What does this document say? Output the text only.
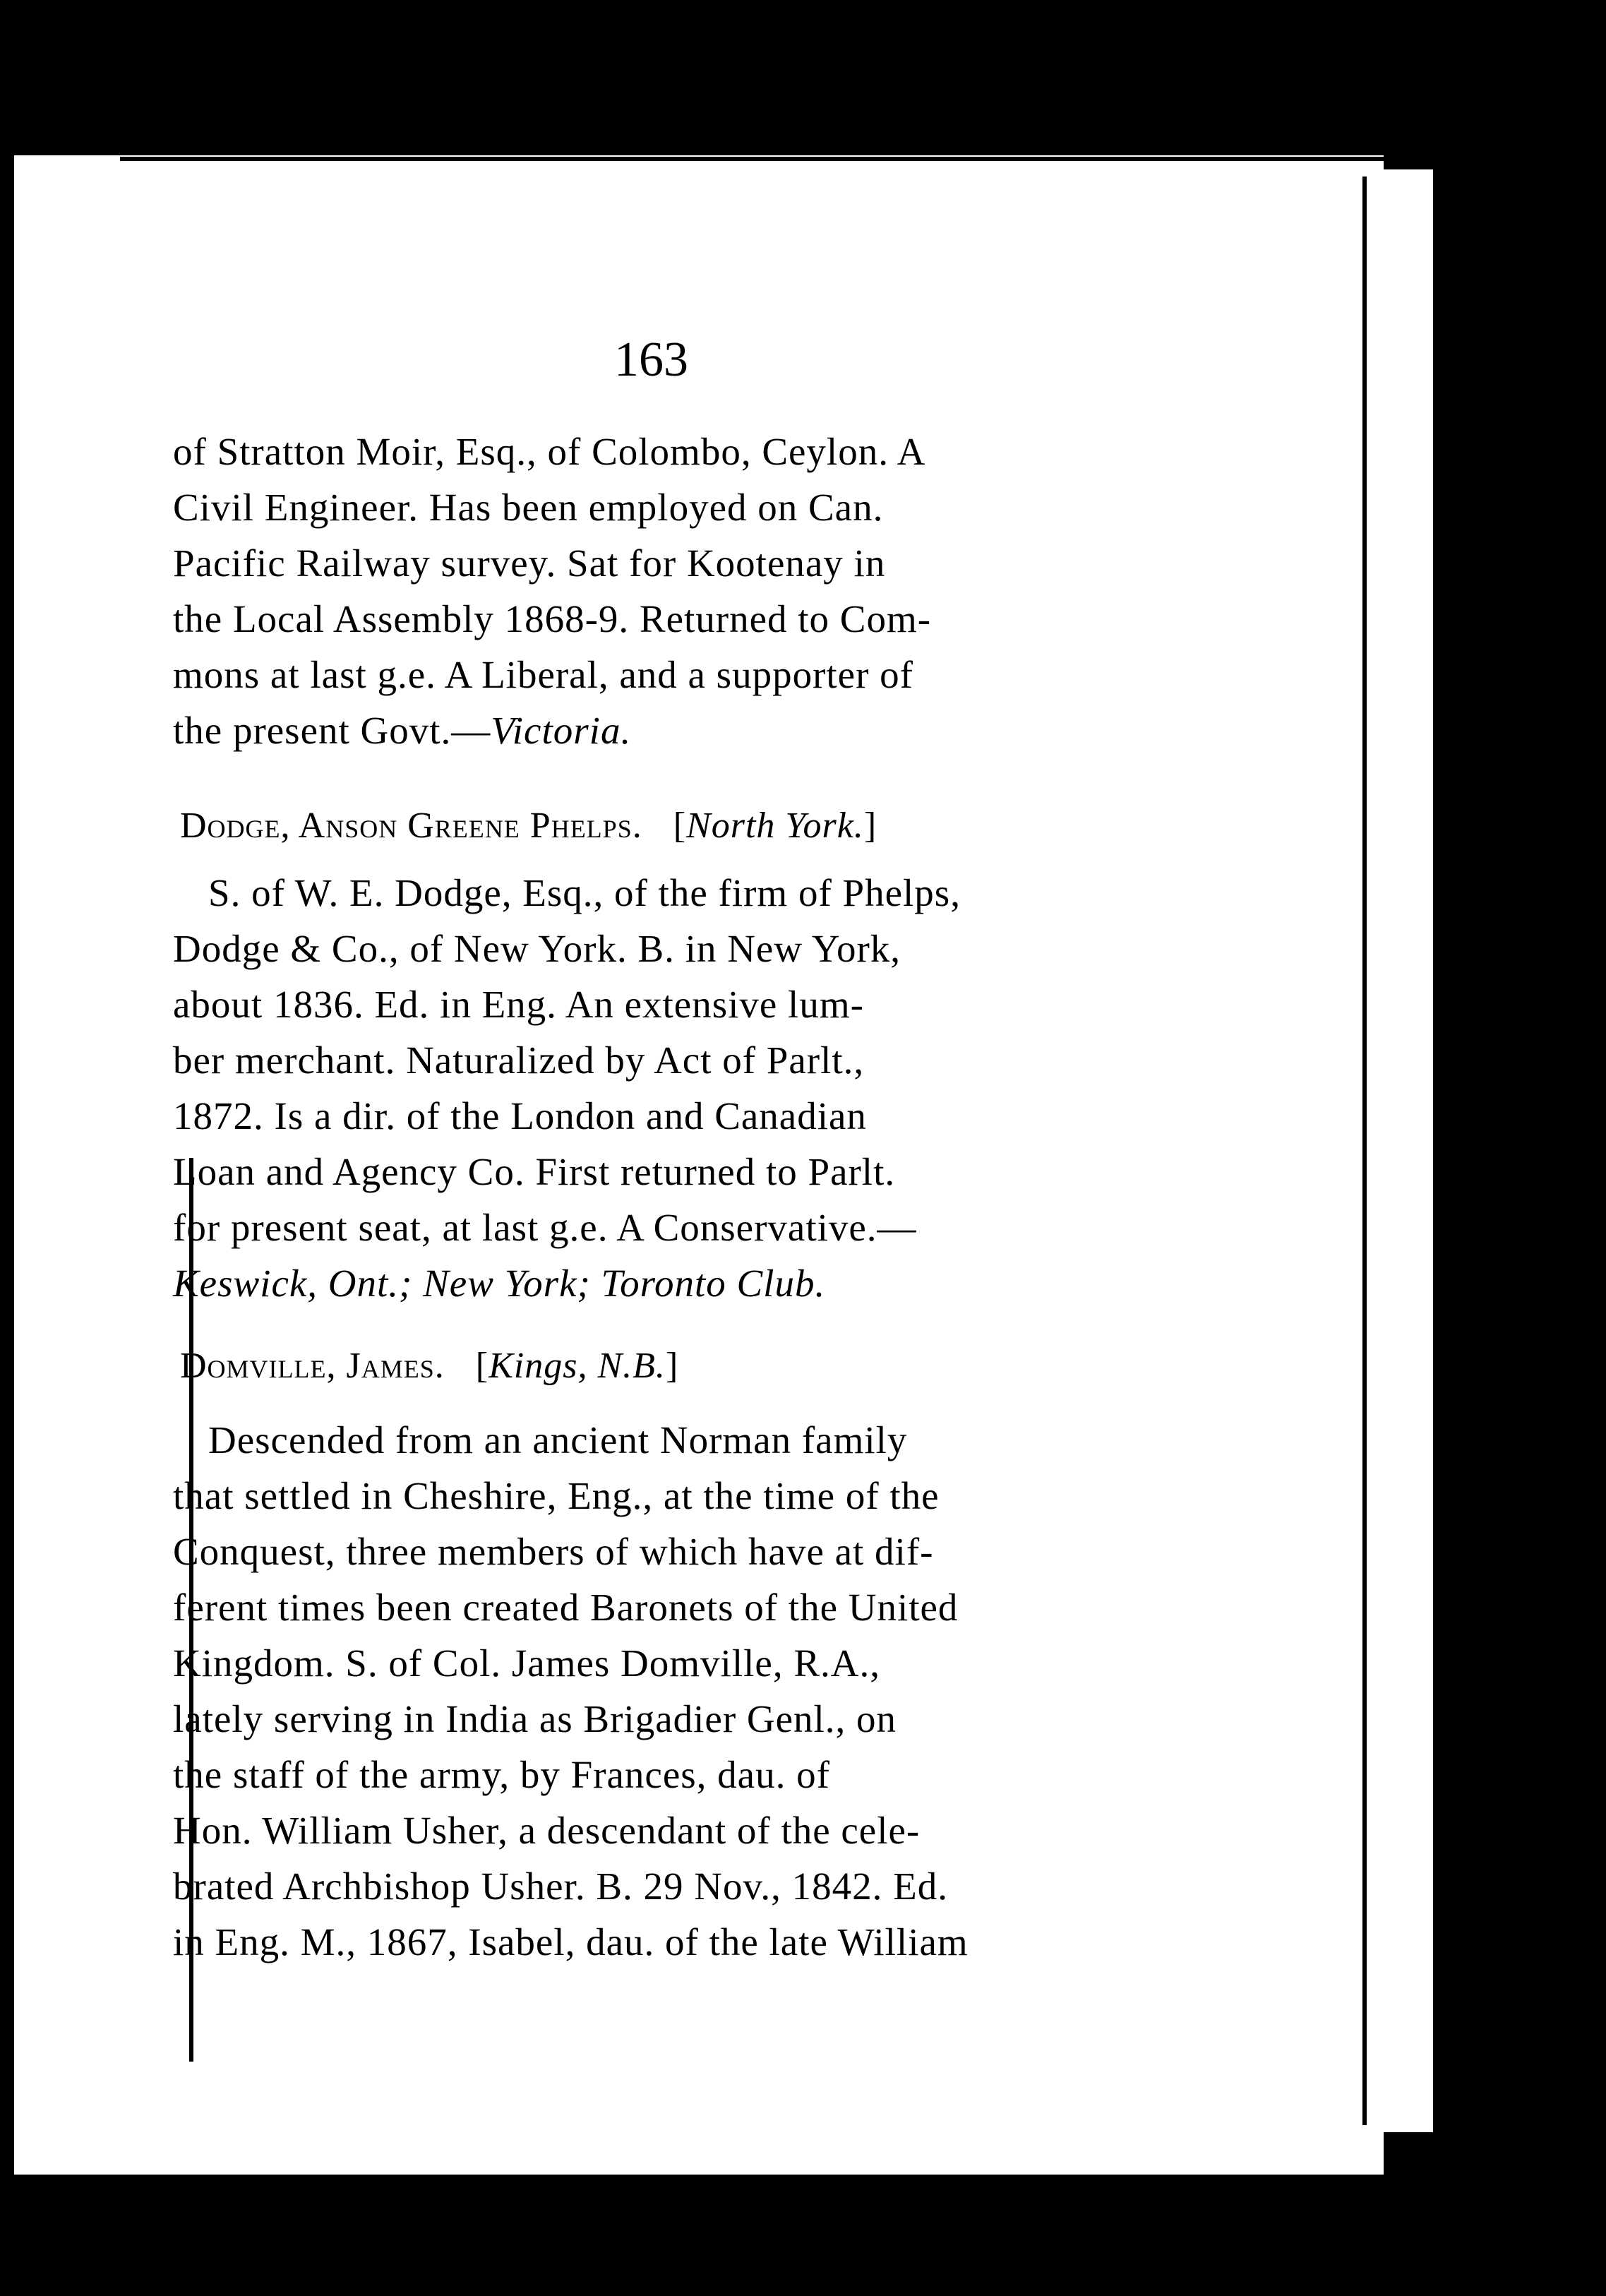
163

of Stratton Moir, Esq., of Colombo, Ceylon. A

Civil Engineer. Has been employed on Can.

Pacific Railway survey. Sat for Kootenay in

the Local Assembly 1868-9. Returned to Com-

mons at last g.e. A Liberal, and a supporter of

the present Govt.—Victoria.

Dodge, Anson Greene Phelps. [North York.]

S. of W. E. Dodge, Esq., of the firm of Phelps,

Dodge & Co., of New York. B. in New York,

about 1836. Ed. in Eng. An extensive lum-

ber merchant. Naturalized by Act of Parlt.,

1872. Is a dir. of the London and Canadian

Loan and Agency Co. First returned to Parlt.

for present seat, at last g.e. A Conservative.—

Keswick, Ont.; New York; Toronto Club.

Domville, James. [Kings, N.B.]

Descended from an ancient Norman family

that settled in Cheshire, Eng., at the time of the

Conquest, three members of which have at dif-

ferent times been created Baronets of the United

Kingdom. S. of Col. James Domville, R.A.,

lately serving in India as Brigadier Genl., on

the staff of the army, by Frances, dau. of

Hon. William Usher, a descendant of the cele-

brated Archbishop Usher. B. 29 Nov., 1842. Ed.

in Eng. M., 1867, Isabel, dau. of the late William
